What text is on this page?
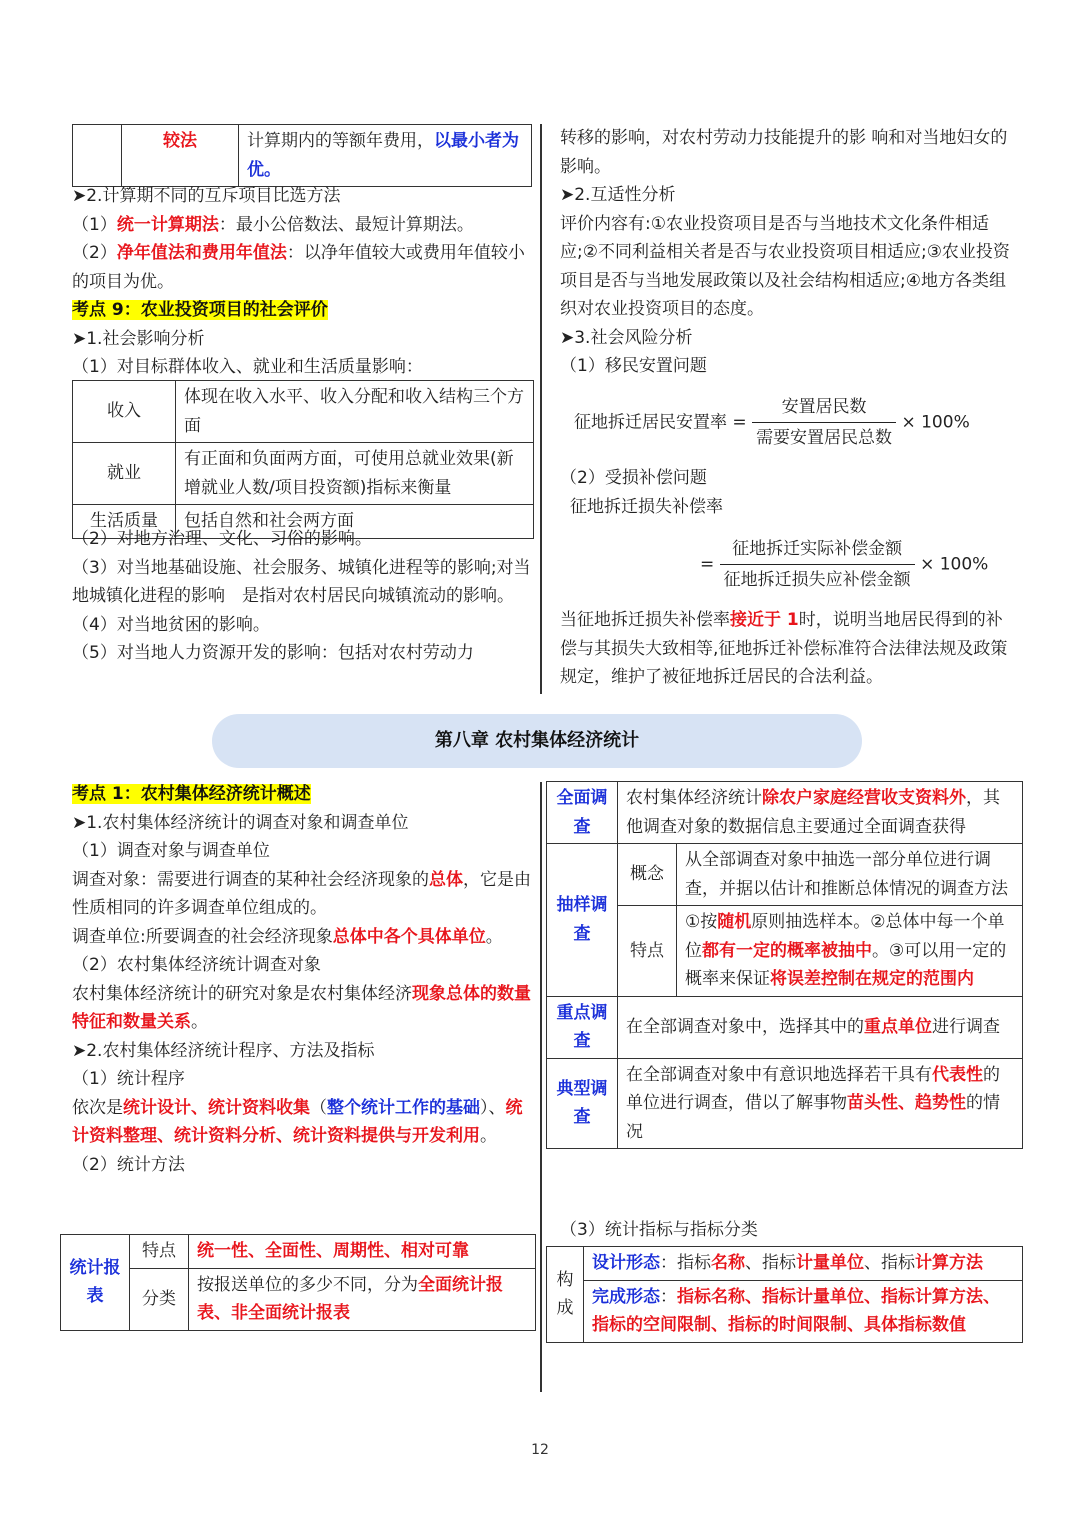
	较法	计算期内的等额年费用，以最小者为优。

➤2.计算期不同的互斥项目比选方法

（1）统一计算期法：最小公倍数法、最短计算期法。

（2）净年值法和费用年值法：以净年值较大或费用年值较小的项目为优。

考点 9：农业投资项目的社会评价

➤1.社会影响分析

（1）对目标群体收入、就业和生活质量影响：

收入	体现在收入水平、收入分配和收入结构三个方面
就业	有正面和负面两方面，可使用总就业效果(新增就业人数/项目投资额)指标来衡量
生活质量	包括自然和社会两方面

（2）对地方治理、文化、习俗的影响。

（3）对当地基础设施、社会服务、城镇化进程等的影响;对当地城镇化进程的影响　是指对农村居民向城镇流动的影响。

（4）对当地贫困的影响。

（5）对当地人力资源开发的影响：包括对农村劳动力

转移的影响，对农村劳动力技能提升的影 响和对当地妇女的影响。

➤2.互适性分析

评价内容有:①农业投资项目是否与当地技术文化条件相适应;②不同利益相关者是否与农业投资项目相适应;③农业投资项目是否与当地发展政策以及社会结构相适应;④地方各类组织对农业投资项目的态度。

➤3.社会风险分析

（1）移民安置问题

征地拆迁居民安置率 = $\frac{\text{安置居民数}}{\text{需要安置居民总数}} \times 100\%$

（2）受损补偿问题

征地拆迁损失补偿率

= $\frac{\text{征地拆迁实际补偿金额}}{\text{征地拆迁损失应补偿金额}} \times 100\%$

当征地拆迁损失补偿率接近于 1时，说明当地居民得到的补偿与其损失大致相等,征地拆迁补偿标准符合法律法规及政策规定，维护了被征地拆迁居民的合法利益。

第八章 农村集体经济统计

考点 1：农村集体经济统计概述

➤1.农村集体经济统计的调查对象和调查单位

（1）调查对象与调查单位

调查对象：需要进行调查的某种社会经济现象的总体，它是由性质相同的许多调查单位组成的。

调查单位:所要调查的社会经济现象总体中各个具体单位。

（2）农村集体经济统计调查对象

农村集体经济统计的研究对象是农村集体经济现象总体的数量特征和数量关系。

➤2.农村集体经济统计程序、方法及指标

（1）统计程序

依次是统计设计、统计资料收集（整个统计工作的基础）、统计资料整理、统计资料分析、统计资料提供与开发利用。

（2）统计方法

统计报表	特点	统一性、全面性、周期性、相对可靠
	分类	按报送单位的多少不同，分为全面统计报表、非全面统计报表
全面调查	农村集体经济统计除农户家庭经营收支资料外，其他调查对象的数据信息主要通过全面调查获得	
抽样调查	概念	从全部调查对象中抽选一部分单位进行调查，并据以估计和推断总体情况的调查方法
	特点	①按随机原则抽选样本。②总体中每一个单位都有一定的概率被抽中。③可以用一定的概率来保证将误差控制在规定的范围内
重点调查	在全部调查对象中，选择其中的重点单位进行调查	
典型调查	在全部调查对象中有意识地选择若干具有代表性的单位进行调查，借以了解事物苗头性、趋势性的情况	

（3）统计指标与指标分类

构成	设计形态：指标名称、指标计量单位、指标计算方法
完成形态：指标名称、指标计量单位、指标计算方法、指标的空间限制、指标的时间限制、具体指标数值
12
